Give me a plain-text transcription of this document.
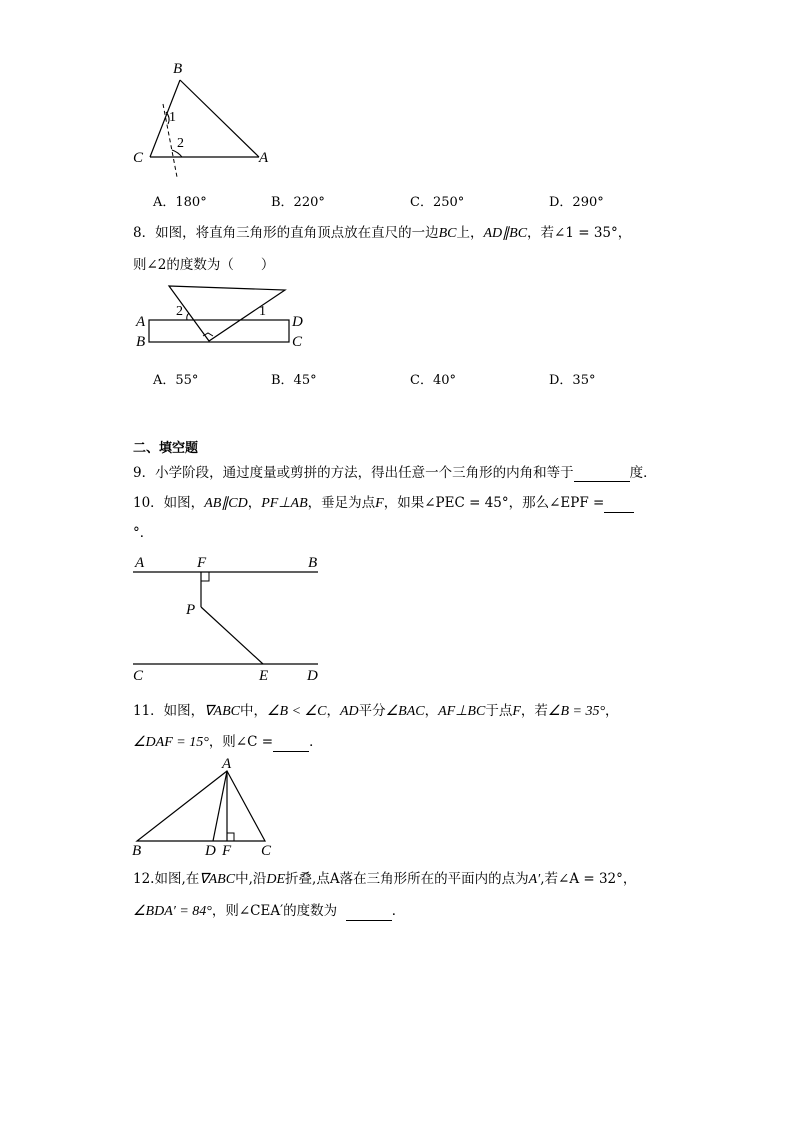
B
C	A
1
2
A．180°	B．220°	C．250°	D．290°
8．如图，将直角三角形的直角顶点放在直尺的一边BC上，AD∥BC，若∠1 = 35°，
则∠2的度数为（　　）
A
B	C
D
2	1
A．55°	B．45°	C．40°	D．35°
二、填空题
9．小学阶段，通过度量或剪拼的方法，得出任意一个三角形的内角和等于	度．
10．如图，AB∥CD，PF⊥AB，垂足为点F，如果∠PEC = 45°，那么∠EPF =
°．
A	F	B
P
C	E	D
11．如图，∇ABC中，∠B < ∠C，AD平分∠BAC，AF⊥BC于点F，若∠B = 35°，
∠DAF = 15°，则∠C =	．
A
B	D F C
12.如图,在∇ABC中,沿DE折叠,点A落在三角形所在的平面内的点为A′,若∠A = 32°，
∠BDA′ = 84°，则∠CEA′的度数为	．
